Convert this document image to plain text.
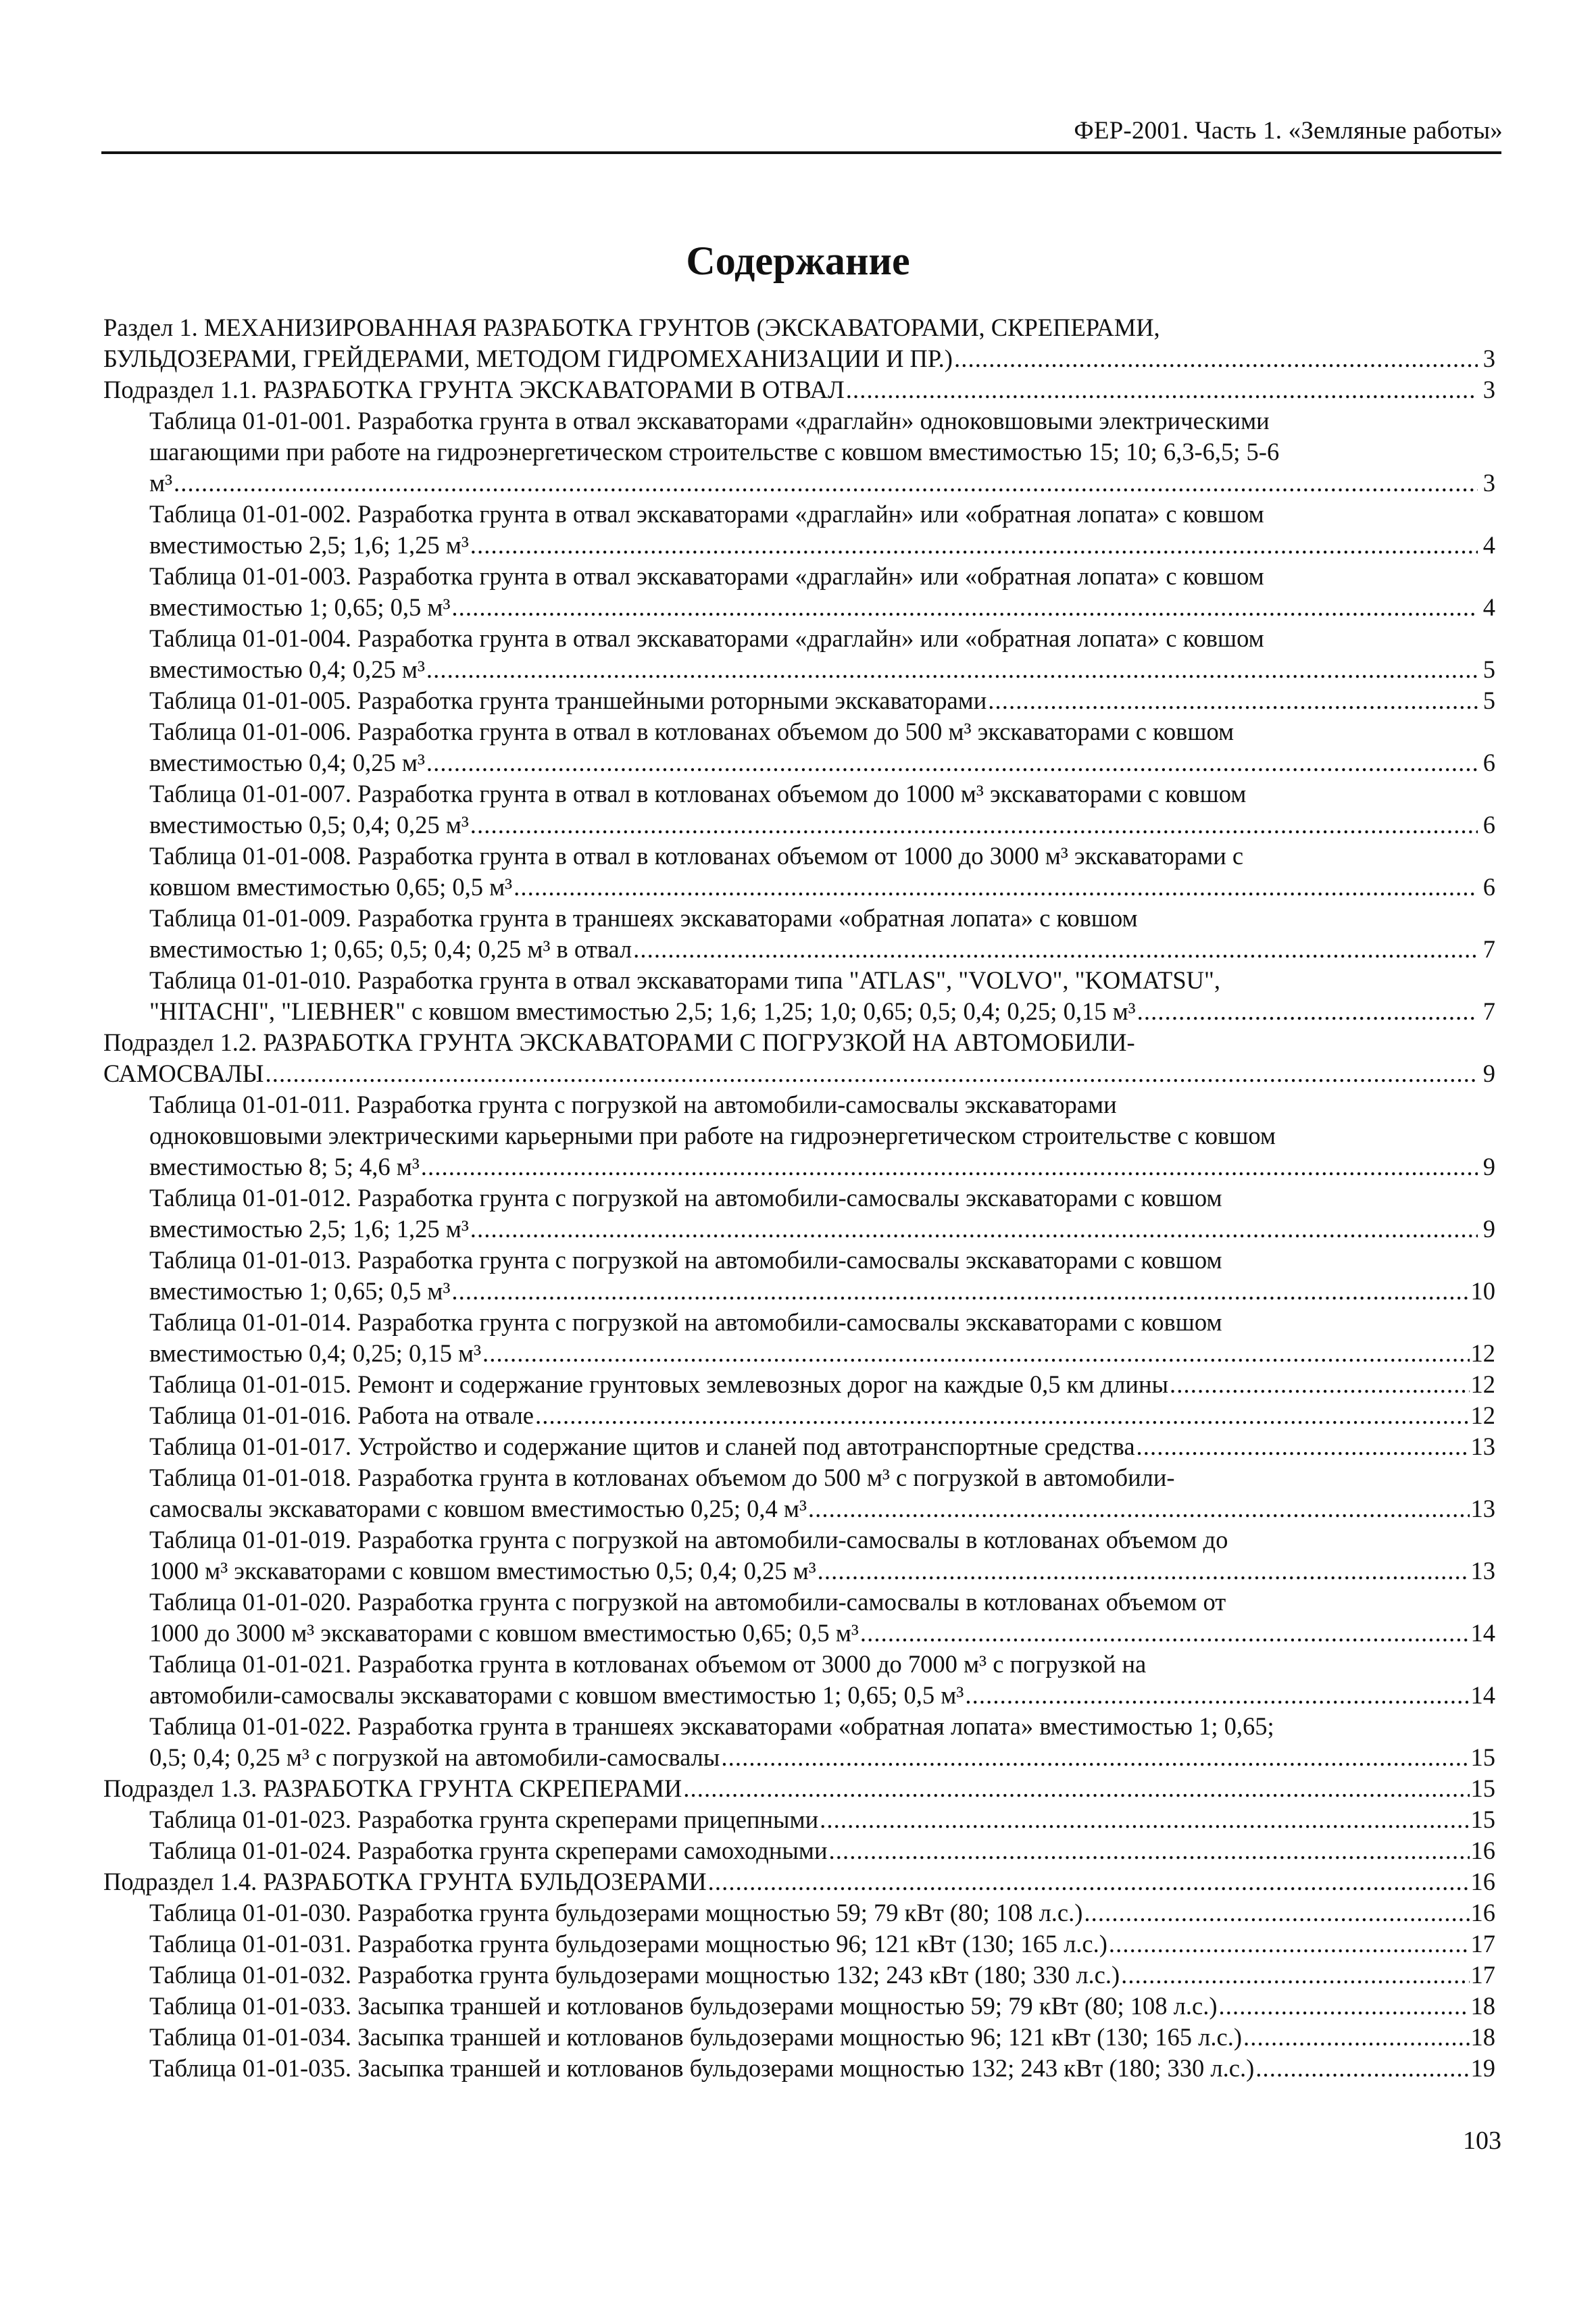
ФЕР-2001. Часть 1. «Земляные работы»
Содержание
Раздел 1. МЕХАНИЗИРОВАННАЯ РАЗРАБОТКА ГРУНТОВ (ЭКСКАВАТОРАМИ, СКРЕПЕРАМИ,
БУЛЬДОЗЕРАМИ, ГРЕЙДЕРАМИ, МЕТОДОМ ГИДРОМЕХАНИЗАЦИИ И ПР.) . . .	3
Подраздел 1.1. РАЗРАБОТКА ГРУНТА ЭКСКАВАТОРАМИ В ОТВАЛ . . .	3
Таблица 01-01-001. Разработка грунта в отвал экскаваторами «драглайн» одноковшовыми электрическими
шагающими при работе на гидроэнергетическом строительстве с ковшом вместимостью 15; 10; 6,3-6,5; 5-6
м³ . . .	3
Таблица 01-01-002. Разработка грунта в отвал экскаваторами «драглайн» или «обратная лопата» с ковшом
вместимостью 2,5; 1,6; 1,25 м³ . . .	4
Таблица 01-01-003. Разработка грунта в отвал экскаваторами «драглайн» или «обратная лопата» с ковшом
вместимостью 1; 0,65; 0,5 м³ . . .	4
Таблица 01-01-004. Разработка грунта в отвал экскаваторами «драглайн» или «обратная лопата» с ковшом
вместимостью 0,4; 0,25 м³ . . .	5
Таблица 01-01-005. Разработка грунта траншейными роторными экскаваторами . . .	5
Таблица 01-01-006. Разработка грунта в отвал в котлованах объемом до 500 м³ экскаваторами с ковшом
вместимостью 0,4; 0,25 м³ . . .	6
Таблица 01-01-007. Разработка грунта в отвал в котлованах объемом до 1000 м³ экскаваторами с ковшом
вместимостью 0,5; 0,4; 0,25 м³ . . .	6
Таблица 01-01-008. Разработка грунта в отвал в котлованах объемом от 1000 до 3000 м³ экскаваторами с
ковшом вместимостью 0,65; 0,5 м³ . . .	6
Таблица 01-01-009. Разработка грунта в траншеях экскаваторами «обратная лопата» с ковшом
вместимостью 1; 0,65; 0,5; 0,4; 0,25 м³ в отвал . . .	7
Таблица 01-01-010. Разработка грунта в отвал экскаваторами типа "ATLAS", "VOLVO", "KOMATSU",
"HITACHI", "LIEBHER" с ковшом вместимостью 2,5; 1,6; 1,25; 1,0; 0,65; 0,5; 0,4; 0,25; 0,15 м³ . . .	7
Подраздел 1.2. РАЗРАБОТКА ГРУНТА ЭКСКАВАТОРАМИ С ПОГРУЗКОЙ НА АВТОМОБИЛИ-
САМОСВАЛЫ . . .	9
Таблица 01-01-011. Разработка грунта с погрузкой на автомобили-самосвалы экскаваторами
одноковшовыми электрическими карьерными при работе на гидроэнергетическом строительстве с ковшом
вместимостью 8; 5; 4,6 м³ . . .	9
Таблица 01-01-012. Разработка грунта с погрузкой на автомобили-самосвалы экскаваторами с ковшом
вместимостью 2,5; 1,6; 1,25 м³ . . .	9
Таблица 01-01-013. Разработка грунта с погрузкой на автомобили-самосвалы экскаваторами с ковшом
вместимостью 1; 0,65; 0,5 м³ . . .	10
Таблица 01-01-014. Разработка грунта с погрузкой на автомобили-самосвалы экскаваторами с ковшом
вместимостью 0,4; 0,25; 0,15 м³ . . .	12
Таблица 01-01-015. Ремонт и содержание грунтовых землевозных дорог на каждые 0,5 км длины . . .	12
Таблица 01-01-016. Работа на отвале . . .	12
Таблица 01-01-017. Устройство и содержание щитов и сланей под автотранспортные средства . . .	13
Таблица 01-01-018. Разработка грунта в котлованах объемом до 500 м³ с погрузкой в автомобили-
самосвалы экскаваторами с ковшом вместимостью 0,25; 0,4 м³ . . .	13
Таблица 01-01-019. Разработка грунта с погрузкой на автомобили-самосвалы в котлованах объемом до
1000 м³ экскаваторами с ковшом вместимостью 0,5; 0,4; 0,25 м³ . . .	13
Таблица 01-01-020. Разработка грунта с погрузкой на автомобили-самосвалы в котлованах объемом от
1000 до 3000 м³ экскаваторами с ковшом вместимостью 0,65; 0,5 м³ . . .	14
Таблица 01-01-021. Разработка грунта в котлованах объемом от 3000 до 7000 м³ с погрузкой на
автомобили-самосвалы экскаваторами с ковшом вместимостью 1; 0,65; 0,5 м³ . . .	14
Таблица 01-01-022. Разработка грунта в траншеях экскаваторами «обратная лопата» вместимостью 1; 0,65;
0,5; 0,4; 0,25 м³ с погрузкой на автомобили-самосвалы . . .	15
Подраздел 1.3. РАЗРАБОТКА ГРУНТА СКРЕПЕРАМИ . . .	15
Таблица 01-01-023. Разработка грунта скреперами прицепными . . .	15
Таблица 01-01-024. Разработка грунта скреперами самоходными . . .	16
Подраздел 1.4. РАЗРАБОТКА ГРУНТА БУЛЬДОЗЕРАМИ . . .	16
Таблица 01-01-030. Разработка грунта бульдозерами мощностью 59; 79 кВт (80; 108 л.с.) . . .	16
Таблица 01-01-031. Разработка грунта бульдозерами мощностью 96; 121 кВт (130; 165 л.с.) . . .	17
Таблица 01-01-032. Разработка грунта бульдозерами мощностью 132; 243 кВт (180; 330 л.с.) . . .	17
Таблица 01-01-033. Засыпка траншей и котлованов бульдозерами мощностью 59; 79 кВт (80; 108 л.с.) . . .	18
Таблица 01-01-034. Засыпка траншей и котлованов бульдозерами мощностью 96; 121 кВт (130; 165 л.с.) . . .	18
Таблица 01-01-035. Засыпка траншей и котлованов бульдозерами мощностью 132; 243 кВт (180; 330 л.с.) . . .	19
103
